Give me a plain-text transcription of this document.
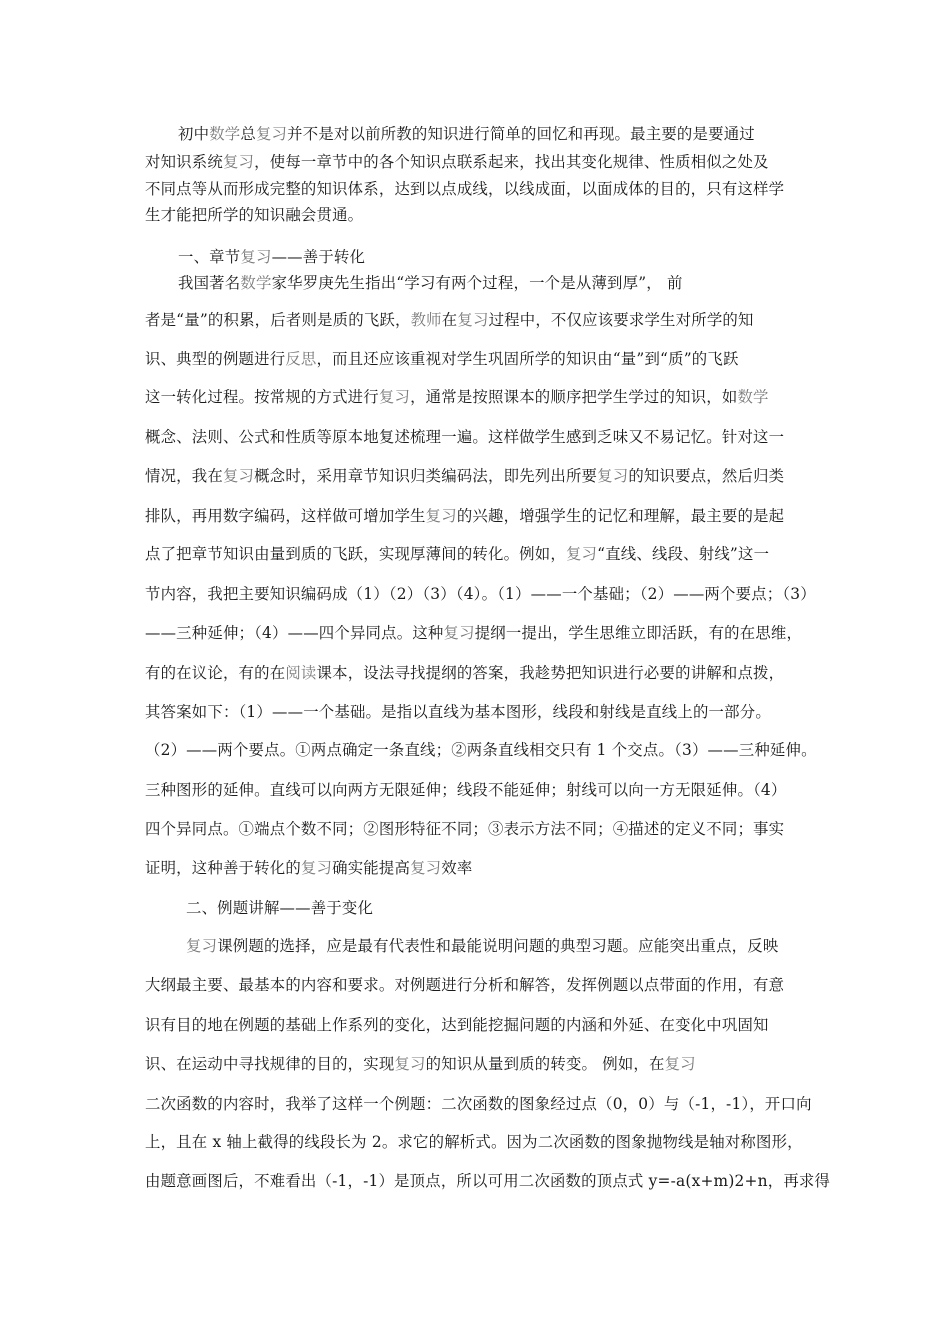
初中数学总复习并不是对以前所教的知识进行简单的回忆和再现。最主要的是要通过
对知识系统复习，使每一章节中的各个知识点联系起来，找出其变化规律、性质相似之处及
不同点等从而形成完整的知识体系，达到以点成线，以线成面，以面成体的目的，只有这样学
生才能把所学的知识融会贯通。
一、章节复习——善于转化
我国著名数学家华罗庚先生指出“学习有两个过程，一个是从薄到厚”， 前
者是“量”的积累，后者则是质的飞跃，教师在复习过程中，不仅应该要求学生对所学的知
识、典型的例题进行反思，而且还应该重视对学生巩固所学的知识由“量”到“质”的飞跃
这一转化过程。按常规的方式进行复习，通常是按照课本的顺序把学生学过的知识，如数学
概念、法则、公式和性质等原本地复述梳理一遍。这样做学生感到乏味又不易记忆。针对这一
情况，我在复习概念时，采用章节知识归类编码法，即先列出所要复习的知识要点，然后归类
排队，再用数字编码，这样做可增加学生复习的兴趣，增强学生的记忆和理解，最主要的是起
点了把章节知识由量到质的飞跃，实现厚薄间的转化。例如，复习“直线、线段、射线”这一
节内容，我把主要知识编码成（1）（2）（3）（4）。（1）——一个基础；（2）——两个要点；（3）
——三种延伸；（4）——四个异同点。这种复习提纲一提出，学生思维立即活跃，有的在思维，
有的在议论，有的在阅读课本，设法寻找提纲的答案，我趁势把知识进行必要的讲解和点拨，
其答案如下：（1）——一个基础。是指以直线为基本图形，线段和射线是直线上的一部分。
（2）——两个要点。①两点确定一条直线；②两条直线相交只有 1 个交点。（3）——三种延伸。
三种图形的延伸。直线可以向两方无限延伸；线段不能延伸；射线可以向一方无限延伸。（4）
四个异同点。①端点个数不同；②图形特征不同；③表示方法不同；④描述的定义不同；事实
证明，这种善于转化的复习确实能提高复习效率
二、例题讲解——善于变化
复习课例题的选择，应是最有代表性和最能说明问题的典型习题。应能突出重点，反映
大纲最主要、最基本的内容和要求。对例题进行分析和解答，发挥例题以点带面的作用，有意
识有目的地在例题的基础上作系列的变化，达到能挖掘问题的内涵和外延、在变化中巩固知
识、在运动中寻找规律的目的，实现复习的知识从量到质的转变。 例如，在复习
二次函数的内容时，我举了这样一个例题：二次函数的图象经过点（0，0）与（-1，-1），开口向
上，且在 x 轴上截得的线段长为 2。求它的解析式。因为二次函数的图象抛物线是轴对称图形，
由题意画图后，不难看出（-1，-1）是顶点，所以可用二次函数的顶点式 y=-a(x+m)2+n，再求得
